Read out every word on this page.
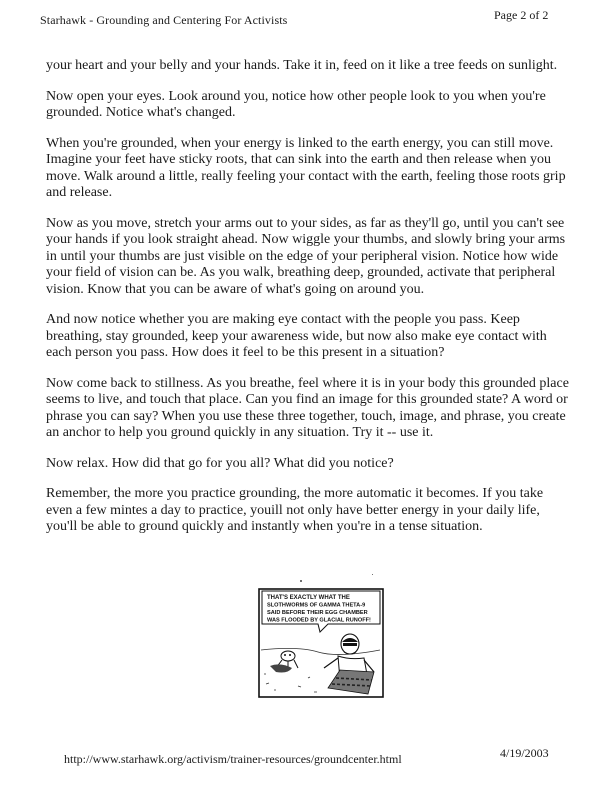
Starhawk - Grounding and Centering For Activists	Page 2 of 2

your heart and your belly and your hands. Take it in, feed on it like a tree feeds on sunlight.

Now open your eyes. Look around you, notice how other people look to you when you're grounded. Notice what's changed.

When you're grounded, when your energy is linked to the earth energy, you can still move. Imagine your feet have sticky roots, that can sink into the earth and then release when you move. Walk around a little, really feeling your contact with the earth, feeling those roots grip and release.

Now as you move, stretch your arms out to your sides, as far as they'll go, until you can't see your hands if you look straight ahead. Now wiggle your thumbs, and slowly bring your arms in until your thumbs are just visible on the edge of your peripheral vision. Notice how wide your field of vision can be. As you walk, breathing deep, grounded, activate that peripheral vision. Know that you can be aware of what's going on around you.

And now notice whether you are making eye contact with the people you pass. Keep breathing, stay grounded, keep your awareness wide, but now also make eye contact with each person you pass. How does it feel to be this present in a situation?

Now come back to stillness. As you breathe, feel where it is in your body this grounded place seems to live, and touch that place. Can you find an image for this grounded state? A word or phrase you can say? When you use these three together, touch, image, and phrase, you create an anchor to help you ground quickly in any situation. Try it -- use it.

Now relax. How did that go for you all? What did you notice?

Remember, the more you practice grounding, the more automatic it becomes. If you take even a few mintes a day to practice, youill not only have better energy in your daily life, you'll be able to ground quickly and instantly when you're in a tense situation.

THAT'S EXACTLY WHAT THE
SLOTHWORMS OF GAMMA THETA-9
SAID BEFORE THEIR EGG CHAMBER
WAS FLOODED BY GLACIAL RUNOFF!
http://www.starhawk.org/activism/trainer-resources/groundcenter.html	4/19/2003
